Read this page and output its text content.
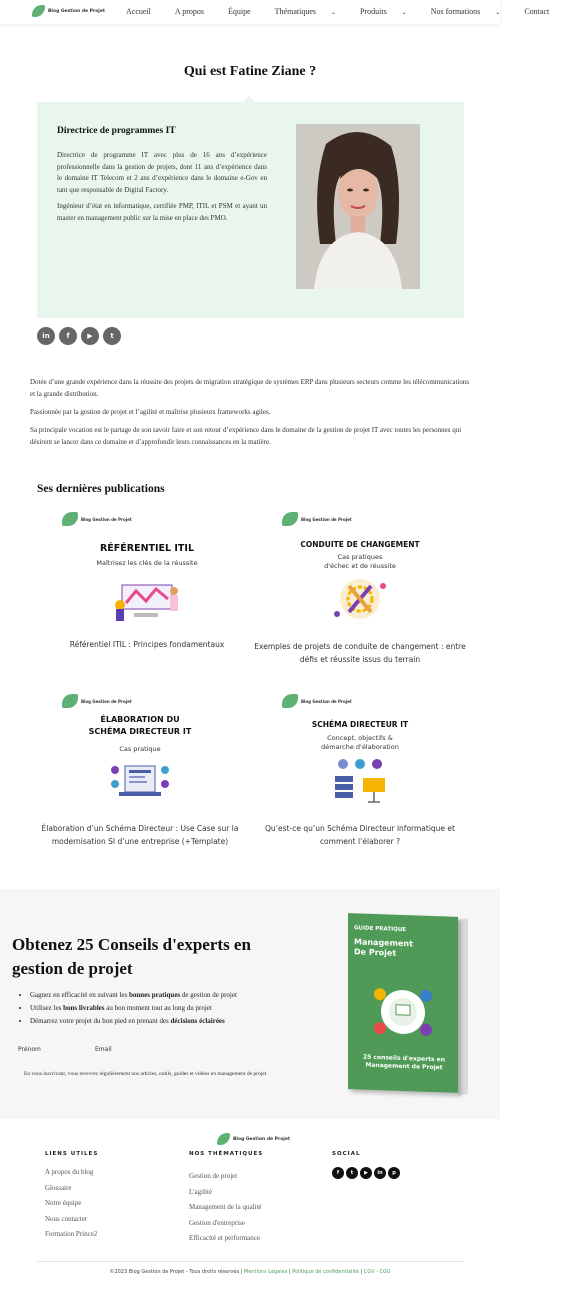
Blog Gestion de Projet	Accueil	A propos	Équipe	Thématiques	⌄	Produits	⌄	Nos formations	⌄	Contact
Qui est Fatine Ziane ?
Directrice de programmes IT

Directrice de programme IT avec plus de 16 ans d’expérience professionnelle dans la gestion de projets, dont 11 ans d’expérience dans le domaine IT Telecom et 2 ans d’expérience dans le domaine e-Gov en tant que responsable de Digital Factory.

Ingénieur d’état en informatique, certifiée PMP, ITIL et PSM et ayant un master en management public sur la mise en place des PMO.

in	f	▶	t

Dotée d’une grande expérience dans la réussite des projets de migration stratégique de systèmes ERP dans plusieurs secteurs comme les télécommunications et la grande distribution.

Passionnée par la gestion de projet et l’agilité et maîtrise plusieurs frameworks agiles.

Sa principale vocation est le partage de son savoir faire et son retour d’expérience dans le domaine de la gestion de projet IT avec toutes les personnes qui désirent se lancer dans ce domaine et d’approfondir leurs connaissances en la matière.

Ses dernières publications
Blog Gestion de Projet
RÉFÉRENTIEL ITIL
Maîtrisez les clés de la réussite
Référentiel ITIL : Principes fondamentaux
Blog Gestion de Projet
CONDUITE DE CHANGEMENT
Cas pratiques
d'échec et de réussite
Exemples de projets de conduite de changement : entre défis et réussite issus du terrain
Blog Gestion de Projet
ÉLABORATION DU
SCHÉMA DIRECTEUR IT
Cas pratique
Élaboration d’un Schéma Directeur : Use Case sur la modernisation SI d’une entreprise (+Template)
Blog Gestion de Projet
SCHÉMA DIRECTEUR IT
Concept, objectifs &
démarche d'élaboration
Qu’est-ce qu’un Schéma Directeur informatique et comment l’élaborer ?
Obtenez 25 Conseils d'experts en gestion de projet
• Gagnez en efficacité en suivant les bonnes pratiques de gestion de projet
• Utilisez les bons livrables au bon moment tout au long du projet
• Démarrez votre projet du bon pied en prenant des décisions éclairées
Prénom	Email	Je m'abonne maintenant
En vous inscrivant, vous recevrez régulièrement nos articles, outils, guides et vidéos en management de projet.
GUIDE PRATIQUE
Management De Projet
25 conseils d'experts en Management de Projet
Blog Gestion de Projet
LIENS UTILES
A propos du blog
Glossaire
Notre équipe
Nous contacter
Formation Prince2
NOS THÉMATIQUES
Gestion de projet
L'agilité
Management de la qualité
Gestion d'entreprise
Efficacité et performance
SOCIAL
f	t	▶	in	p
©2023 Blog Gestion de Projet - Tous droits réservés | Mentions Légales | Politique de confidentialité | CGV - CGU
